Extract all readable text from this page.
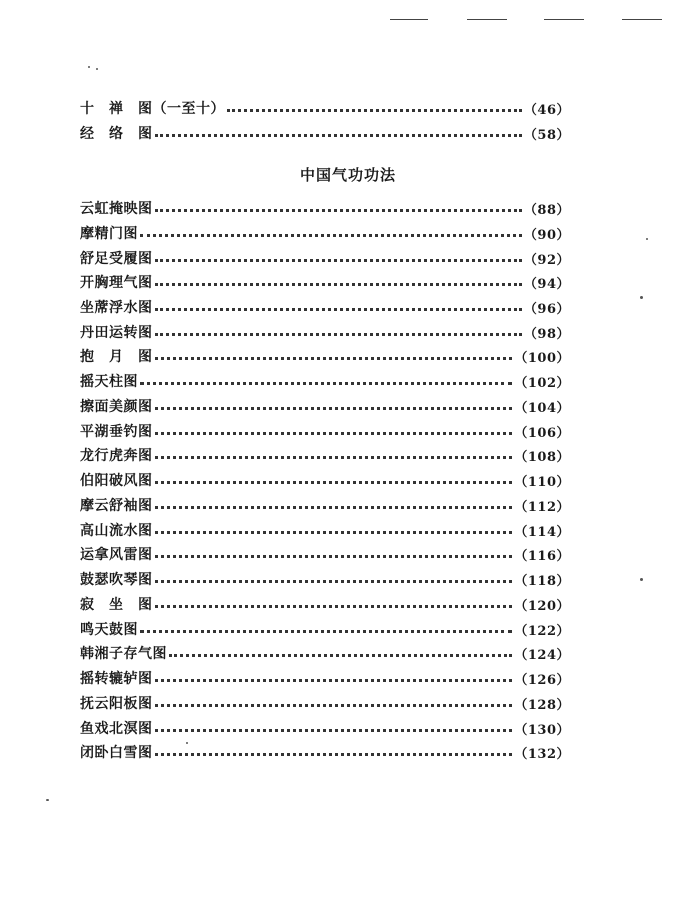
十　禅　图（一至十）	（46）
经　络　图	（58）
中国气功功法
云虹掩映图	（88）
摩精门图	（90）
舒足受履图	（92）
开胸理气图	（94）
坐蓆浮水图	（96）
丹田运转图	（98）
抱　月　图	（100）
摇天柱图	（102）
擦面美颜图	（104）
平湖垂钓图	（106）
龙行虎奔图	（108）
伯阳破风图	（110）
摩云舒袖图	（112）
高山流水图	（114）
运拿风雷图	（116）
鼓瑟吹琴图	（118）
寂　坐　图	（120）
鸣天鼓图	（122）
韩湘子存气图	（124）
摇转辘轳图	（126）
抚云阳板图	（128）
鱼戏北溟图	（130）
闭卧白雪图	（132）
